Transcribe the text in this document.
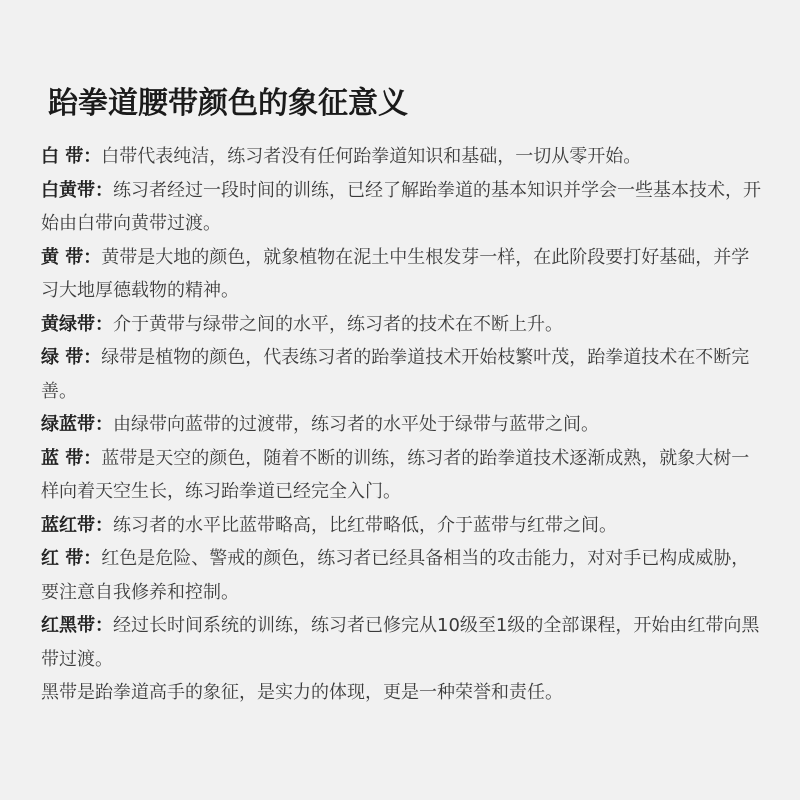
跆拳道腰带颜色的象征意义

白 带：白带代表纯洁，练习者没有任何跆拳道知识和基础，一切从零开始。

白黄带：练习者经过一段时间的训练，已经了解跆拳道的基本知识并学会一些基本技术，开始由白带向黄带过渡。

黄 带：黄带是大地的颜色，就象植物在泥土中生根发芽一样，在此阶段要打好基础，并学习大地厚德载物的精神。

黄绿带：介于黄带与绿带之间的水平，练习者的技术在不断上升。

绿 带：绿带是植物的颜色，代表练习者的跆拳道技术开始枝繁叶茂，跆拳道技术在不断完善。

绿蓝带：由绿带向蓝带的过渡带，练习者的水平处于绿带与蓝带之间。

蓝 带：蓝带是天空的颜色，随着不断的训练，练习者的跆拳道技术逐渐成熟，就象大树一样向着天空生长，练习跆拳道已经完全入门。

蓝红带：练习者的水平比蓝带略高，比红带略低，介于蓝带与红带之间。

红 带：红色是危险、警戒的颜色，练习者已经具备相当的攻击能力，对对手已构成威胁，要注意自我修养和控制。

红黑带：经过长时间系统的训练，练习者已修完从10级至1级的全部课程，开始由红带向黑带过渡。

黑带是跆拳道高手的象征，是实力的体现，更是一种荣誉和责任。
